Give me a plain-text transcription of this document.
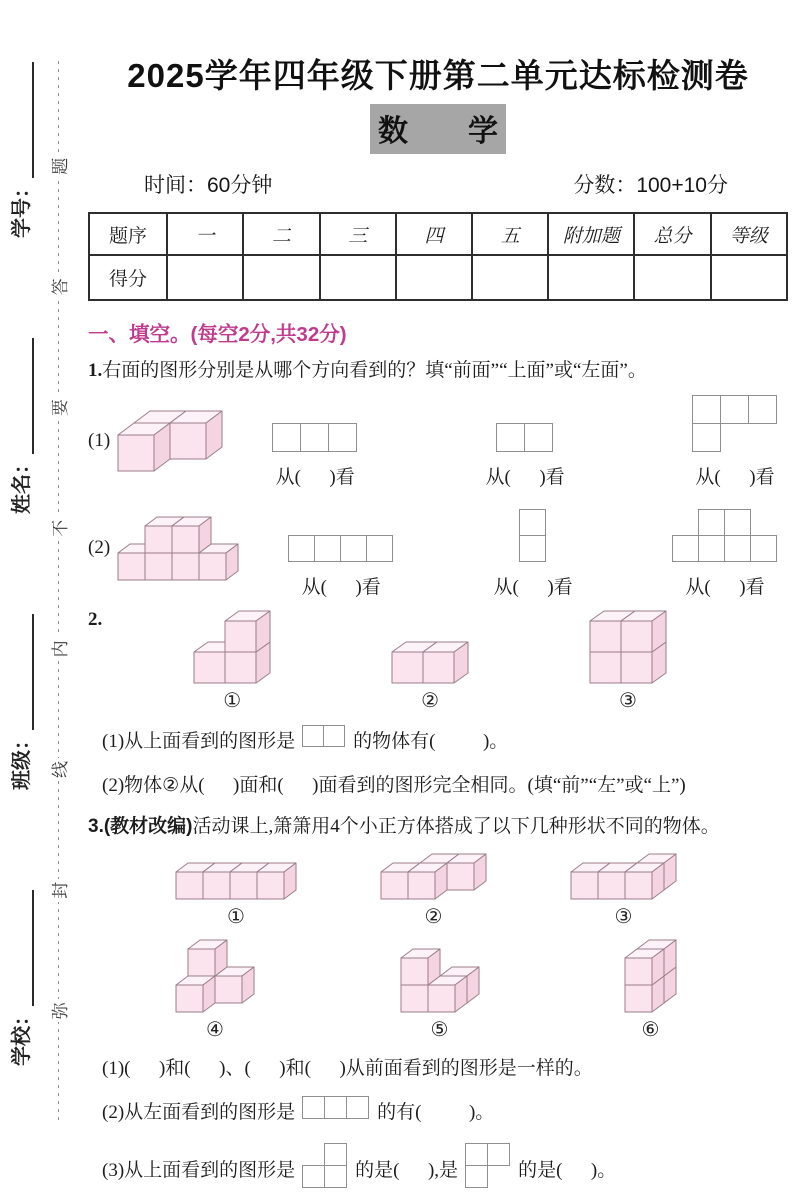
学校：
班级：
姓名：
学号：
弥
封
线
内
不
要
答
题
2025学年四年级下册第二单元达标检测卷
数　　学
时间：60分钟	分数：100+10分
题序	一	二	三	四	五	附加题	总分	等级
得分								
一、填空。(每空2分,共32分)
1.右面的图形分别是从哪个方向看到的？填“前面”“上面”或“左面”。
(1)
从(      )看	从(      )看	从(      )看
(2)
从(      )看	从(      )看	从(      )看
2.
①	②	③
(1)从上面看到的图形是	的物体有(          )。
(2)物体②从(      )面和(      )面看到的图形完全相同。(填“前”“左”或“上”)
3.(教材改编)活动课上,箫箫用4个小正方体搭成了以下几种形状不同的物体。
①	②	③
④	⑤	⑥
(1)(      )和(      )、(      )和(      )从前面看到的图形是一样的。
(2)从左面看到的图形是	的有(          )。
(3)从上面看到的图形是	的是(      ),是	的是(      )。
